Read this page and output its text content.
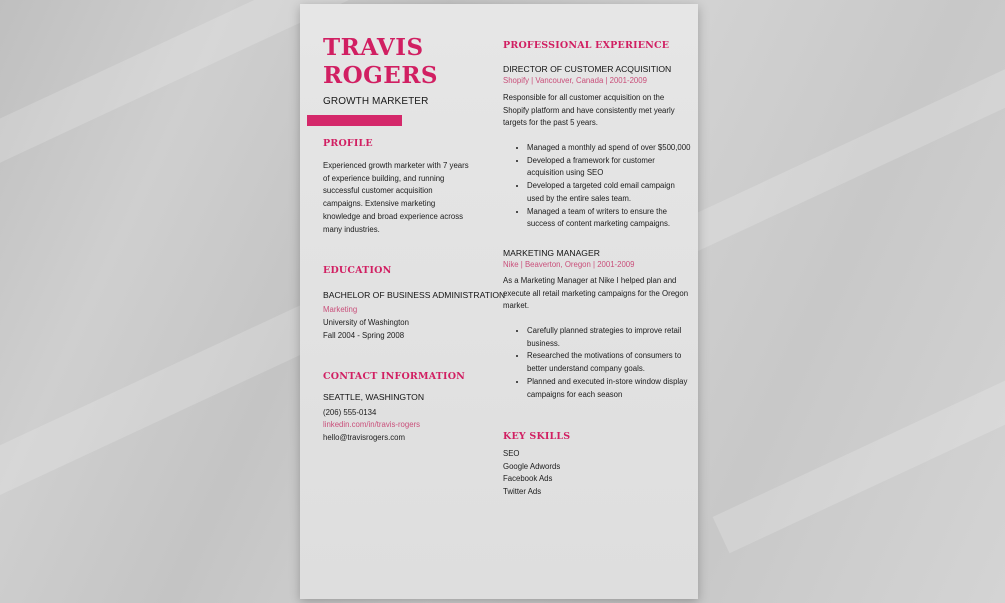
TRAVIS
ROGERS
GROWTH MARKETER
PROFILE
Experienced growth marketer with 7 years of experience building, and running successful customer acquisition campaigns. Extensive marketing knowledge and broad experience across many industries.
EDUCATION
BACHELOR OF BUSINESS ADMINISTRATION
Marketing
University of Washington
Fall 2004 - Spring 2008
CONTACT INFORMATION
SEATTLE, WASHINGTON
(206) 555-0134
linkedin.com/in/travis-rogers
hello@travisrogers.com
PROFESSIONAL EXPERIENCE
DIRECTOR OF CUSTOMER ACQUISITION
Shopify | Vancouver, Canada | 2001-2009
Responsible for all customer acquisition on the Shopify platform and have consistently met yearly targets for the past 5 years.
• Managed a monthly ad spend of over $500,000
• Developed a framework for customer acquisition using SEO
• Developed a targeted cold email campaign used by the entire sales team.
• Managed a team of writers to ensure the success of content marketing campaigns.
MARKETING MANAGER
Nike | Beaverton, Oregon | 2001-2009
As a Marketing Manager at Nike I helped plan and execute all retail marketing campaigns for the Oregon market.
• Carefully planned strategies to improve retail business.
• Researched the motivations of consumers to better understand company goals.
• Planned and executed in-store window display campaigns for each season
KEY SKILLS
SEO
Google Adwords
Facebook Ads
Twitter Ads
